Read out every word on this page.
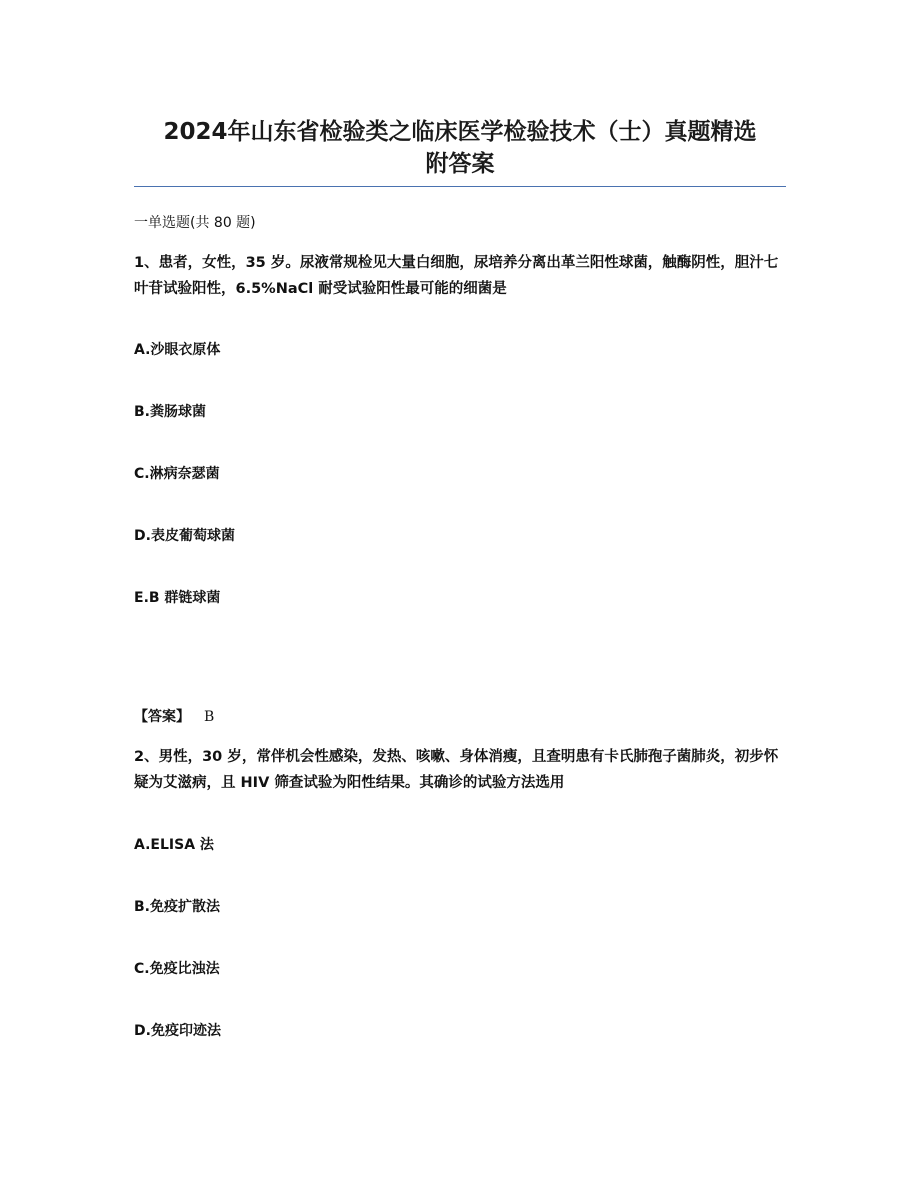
2024年山东省检验类之临床医学检验技术（士）真题精选
附答案
一单选题(共 80 题)
1、患者，女性，35 岁。尿液常规检见大量白细胞，尿培养分离出革兰阳性球菌，触酶阴性，胆汁七叶苷试验阳性，6.5%NaCl 耐受试验阳性最可能的细菌是
A.沙眼衣原体
B.粪肠球菌
C.淋病奈瑟菌
D.表皮葡萄球菌
E.B 群链球菌
【答案】 B
2、男性，30 岁，常伴机会性感染，发热、咳嗽、身体消瘦，且查明患有卡氏肺孢子菌肺炎，初步怀疑为艾滋病，且 HIV 筛查试验为阳性结果。其确诊的试验方法选用
A.ELISA 法
B.免疫扩散法
C.免疫比浊法
D.免疫印迹法
